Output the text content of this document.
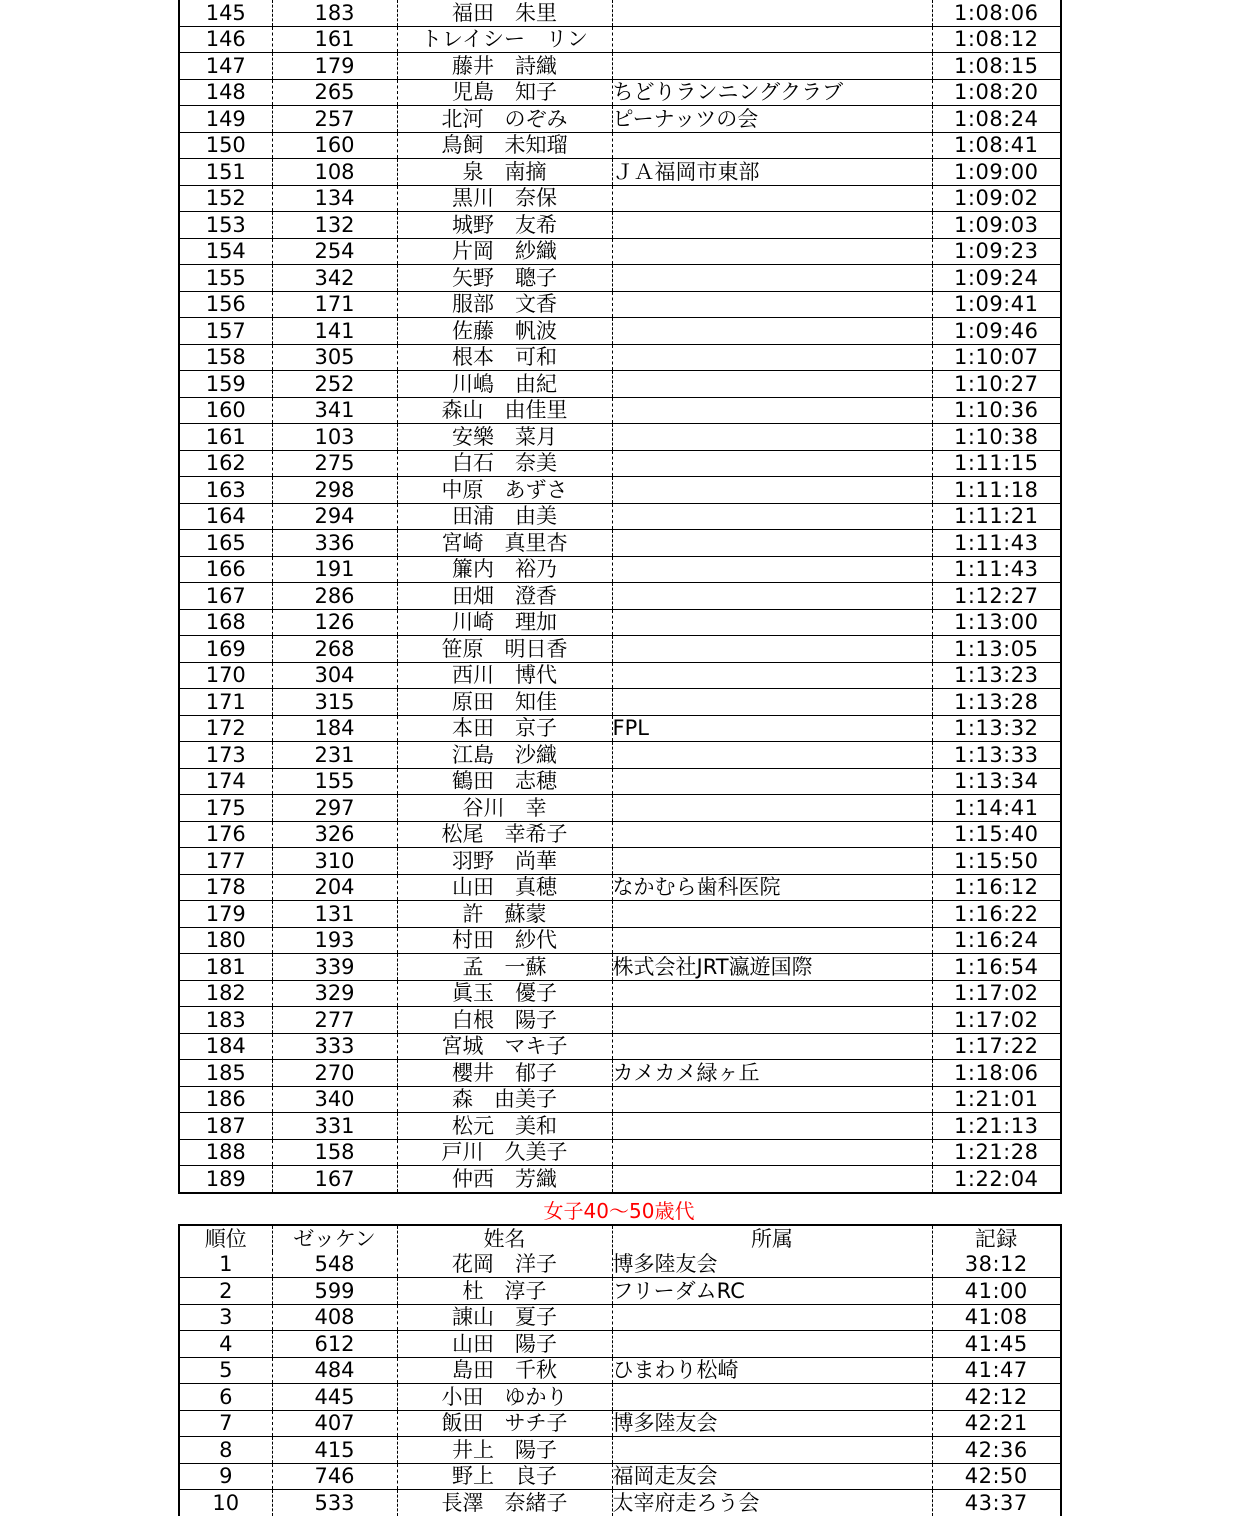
145	183	福田　朱里		1:08:06
146	161	トレイシー　リン		1:08:12
147	179	藤井　詩織		1:08:15
148	265	児島　知子	ちどりランニングクラブ	1:08:20
149	257	北河　のぞみ	ピーナッツの会	1:08:24
150	160	鳥飼　未知瑠		1:08:41
151	108	泉　南摘	ＪＡ福岡市東部	1:09:00
152	134	黒川　奈保		1:09:02
153	132	城野　友希		1:09:03
154	254	片岡　紗織		1:09:23
155	342	矢野　聰子		1:09:24
156	171	服部　文香		1:09:41
157	141	佐藤　帆波		1:09:46
158	305	根本　可和		1:10:07
159	252	川嶋　由紀		1:10:27
160	341	森山　由佳里		1:10:36
161	103	安樂　菜月		1:10:38
162	275	白石　奈美		1:11:15
163	298	中原　あずさ		1:11:18
164	294	田浦　由美		1:11:21
165	336	宮崎　真里杏		1:11:43
166	191	簾内　裕乃		1:11:43
167	286	田畑　澄香		1:12:27
168	126	川崎　理加		1:13:00
169	268	笹原　明日香		1:13:05
170	304	西川　博代		1:13:23
171	315	原田　知佳		1:13:28
172	184	本田　京子	FPL	1:13:32
173	231	江島　沙織		1:13:33
174	155	鶴田　志穂		1:13:34
175	297	谷川　幸		1:14:41
176	326	松尾　幸希子		1:15:40
177	310	羽野　尚華		1:15:50
178	204	山田　真穂	なかむら歯科医院	1:16:12
179	131	許　蘇蒙		1:16:22
180	193	村田　紗代		1:16:24
181	339	孟　一蘇	株式会社JRT瀛遊国際	1:16:54
182	329	眞玉　優子		1:17:02
183	277	白根　陽子		1:17:02
184	333	宮城　マキ子		1:17:22
185	270	櫻井　郁子	カメカメ緑ヶ丘	1:18:06
186	340	森　由美子		1:21:01
187	331	松元　美和		1:21:13
188	158	戸川　久美子		1:21:28
189	167	仲西　芳織		1:22:04
女子40～50歳代
順位	ゼッケン	姓名	所属	記録
1	548	花岡　洋子	博多陸友会	38:12
2	599	杜　淳子	フリーダムRC	41:00
3	408	諌山　夏子		41:08
4	612	山田　陽子		41:45
5	484	島田　千秋	ひまわり松崎	41:47
6	445	小田　ゆかり		42:12
7	407	飯田　サチ子	博多陸友会	42:21
8	415	井上　陽子		42:36
9	746	野上　良子	福岡走友会	42:50
10	533	長澤　奈緒子	太宰府走ろう会	43:37
